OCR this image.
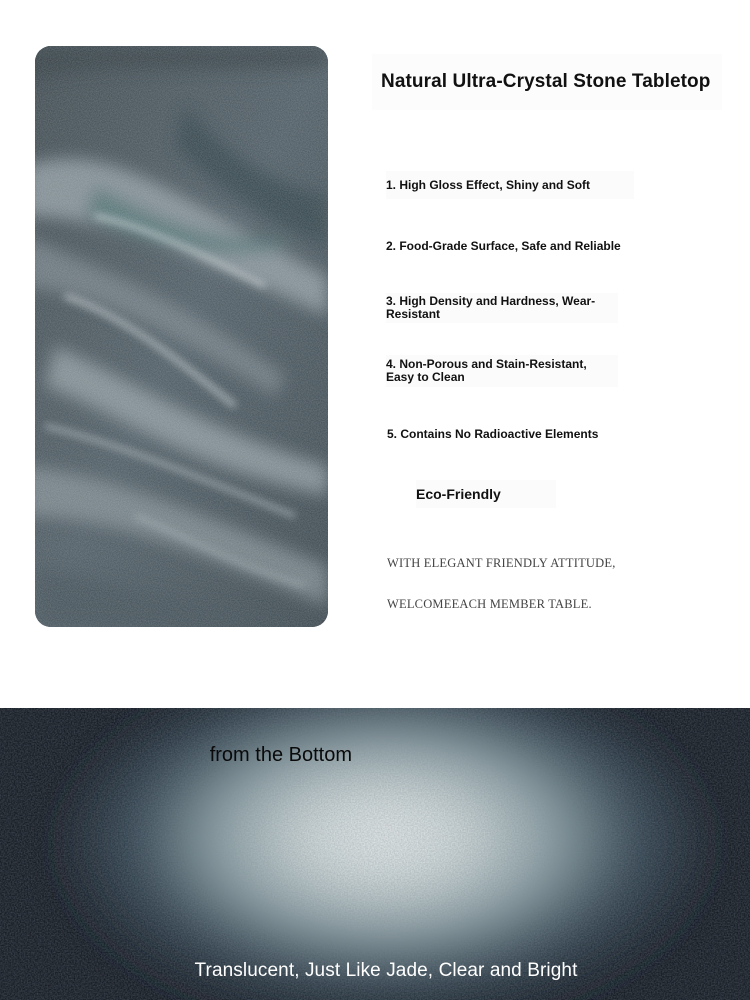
Natural Ultra-Crystal Stone Tabletop
1. High Gloss Effect, Shiny and Soft
2. Food-Grade Surface, Safe and Reliable
3. High Density and Hardness, Wear-Resistant
4. Non-Porous and Stain-Resistant, Easy to Clean
5. Contains No Radioactive Elements
Eco-Friendly
WITH ELEGANT FRIENDLY ATTITUDE,
WELCOMEEACH MEMBER TABLE.
from the Bottom
Translucent, Just Like Jade, Clear and Bright
